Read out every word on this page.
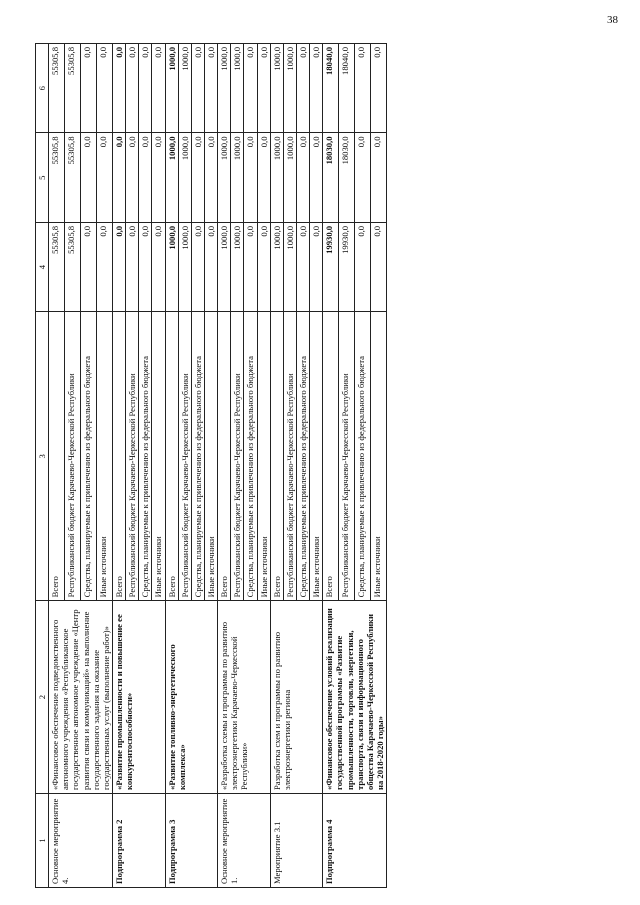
38
1	2	3	4	5	6
Основное мероприятие 4.	«Финансовое обеспечение подведомственного автономного учреждения «Республиканское государственное автономное учреждение «Центр развития связи и коммуникаций» на выполнение государственного задания на оказание государственных услуг (выполнение работ)»	Всего	55305,8	55305,8	55305,8
		Республиканский бюджет Карачаево-Черкесской Республики	55305,8	55305,8	55305,8
		Средства, планируемые к привлечению из федерального бюджета	0,0	0,0	0,0
		Иные источники	0,0	0,0	0,0
Подпрограмма 2	«Развитие промышленности и повышение ее конкурентоспособности»	Всего	0,0	0,0	0,0
		Республиканский бюджет Карачаево-Черкесской Республики	0,0	0,0	0,0
		Средства, планируемые к привлечению из федерального бюджета	0,0	0,0	0,0
		Иные источники	0,0	0,0	0,0
Подпрограмма 3	«Развитие топливно-энергетического комплекса»	Всего	1000,0	1000,0	1000,0
		Республиканский бюджет Карачаево-Черкесской Республики	1000,0	1000,0	1000,0
		Средства, планируемые к привлечению из федерального бюджета	0,0	0,0	0,0
		Иные источники	0,0	0,0	0,0
Основное мероприятие 1.	«Разработка схемы и программы по развитию электроэнергетики Карачаево-Черкесской Республики»	Всего	1000,0	1000,0	1000,0
		Республиканский бюджет Карачаево-Черкесской Республики	1000,0	1000,0	1000,0
		Средства, планируемые к привлечению из федерального бюджета	0,0	0,0	0,0
		Иные источники	0,0	0,0	0,0
Мероприятие 3.1	Разработка схем и программы по развитию электроэнергетики региона	Всего	1000,0	1000,0	1000,0
		Республиканский бюджет Карачаево-Черкесской Республики	1000,0	1000,0	1000,0
		Средства, планируемые к привлечению из федерального бюджета	0,0	0,0	0,0
		Иные источники	0,0	0,0	0,0
Подпрограмма 4	«Финансовое обеспечение условий реализации государственной программы «Развитие промышленности, торговли, энергетики, транспорта, связи и информационного общества Карачаево-Черкесской Республики на 2018-2020 годы»	Всего	19930,0	18030,0	18040,0
		Республиканский бюджет Карачаево-Черкесской Республики	19930,0	18030,0	18040,0
		Средства, планируемые к привлечению из федерального бюджета	0,0	0,0	0,0
		Иные источники	0,0	0,0	0,0
